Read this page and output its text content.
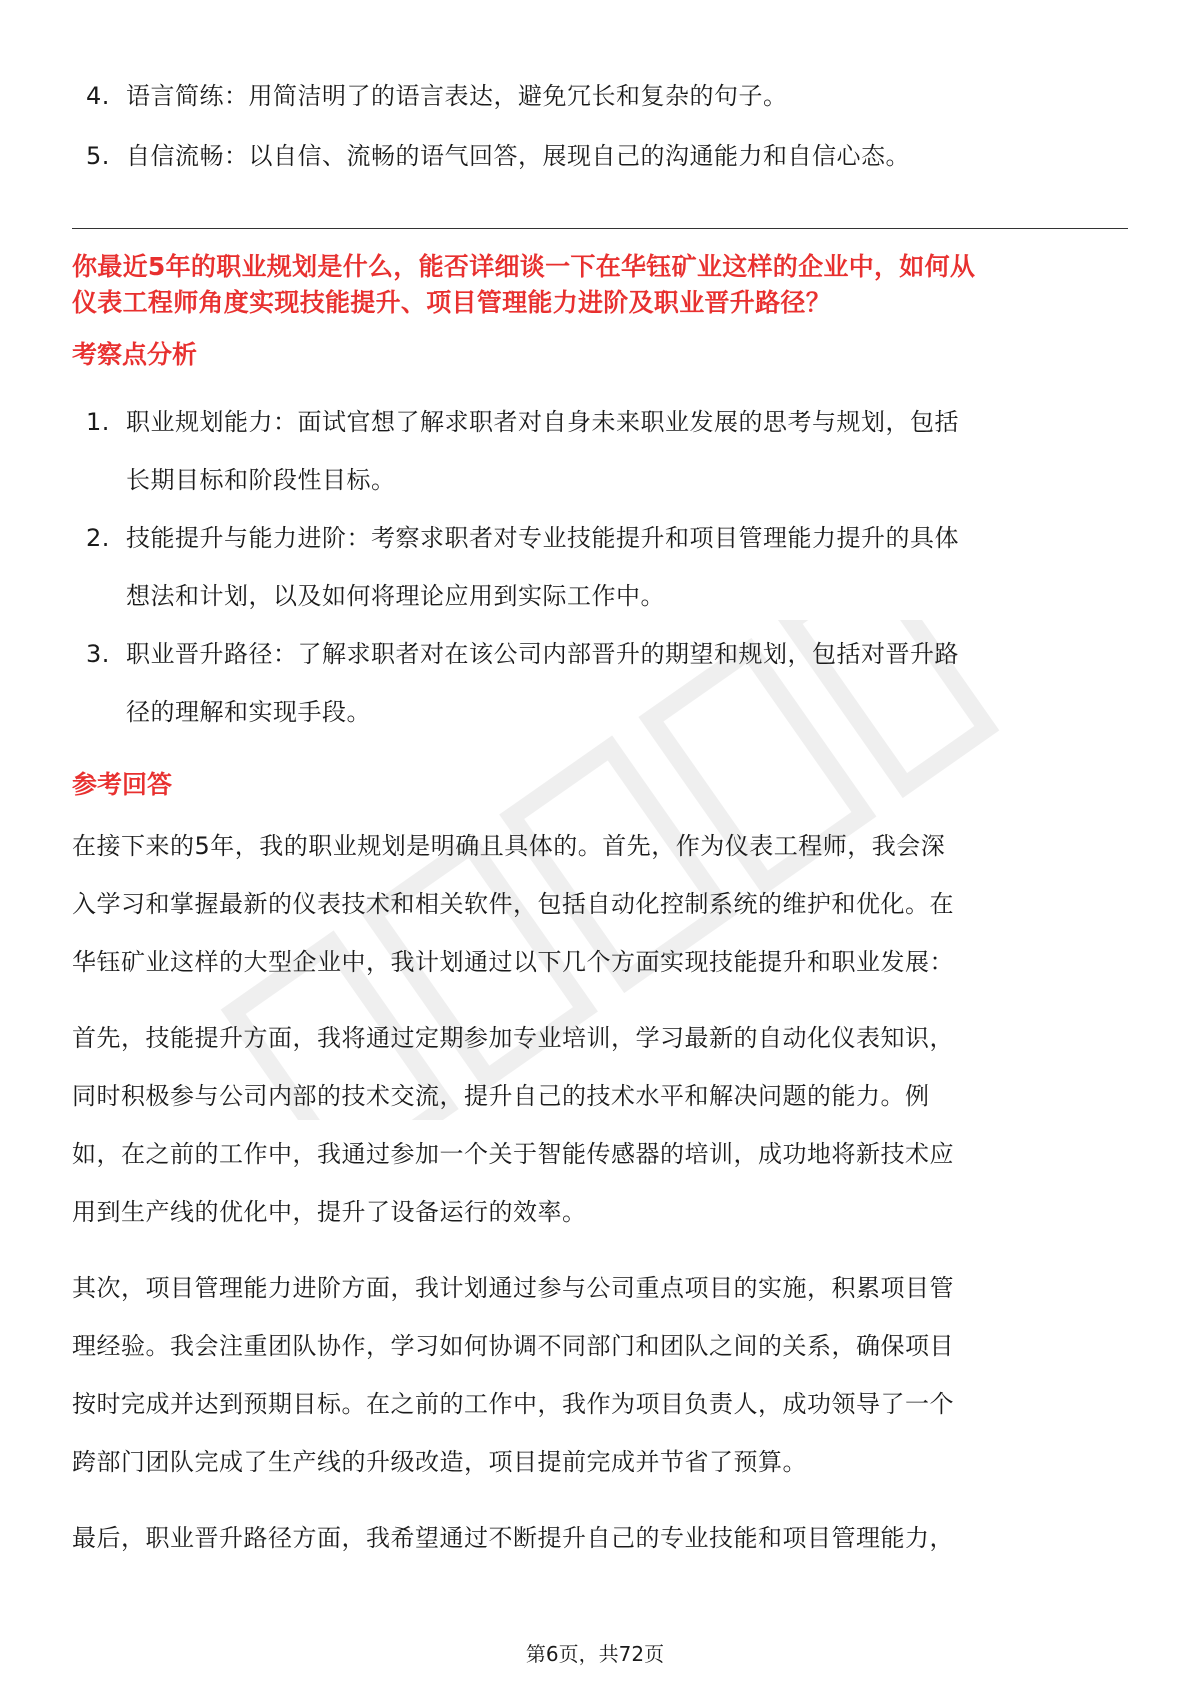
4. 语言简练：用简洁明了的语言表达，避免冗长和复杂的句子。
5. 自信流畅：以自信、流畅的语气回答，展现自己的沟通能力和自信心态。

你最近5年的职业规划是什么，能否详细谈一下在华钰矿业这样的企业中，如何从
仪表工程师角度实现技能提升、项目管理能力进阶及职业晋升路径？

考察点分析
1. 职业规划能力：面试官想了解求职者对自身未来职业发展的思考与规划，包括
长期目标和阶段性目标。
2. 技能提升与能力进阶：考察求职者对专业技能提升和项目管理能力提升的具体
想法和计划，以及如何将理论应用到实际工作中。
3. 职业晋升路径：了解求职者对在该公司内部晋升的期望和规划，包括对晋升路
径的理解和实现手段。
参考回答

在接下来的5年，我的职业规划是明确且具体的。首先，作为仪表工程师，我会深
入学习和掌握最新的仪表技术和相关软件，包括自动化控制系统的维护和优化。在
华钰矿业这样的大型企业中，我计划通过以下几个方面实现技能提升和职业发展：

首先，技能提升方面，我将通过定期参加专业培训，学习最新的自动化仪表知识，
同时积极参与公司内部的技术交流，提升自己的技术水平和解决问题的能力。例
如，在之前的工作中，我通过参加一个关于智能传感器的培训，成功地将新技术应
用到生产线的优化中，提升了设备运行的效率。

其次，项目管理能力进阶方面，我计划通过参与公司重点项目的实施，积累项目管
理经验。我会注重团队协作，学习如何协调不同部门和团队之间的关系，确保项目
按时完成并达到预期目标。在之前的工作中，我作为项目负责人，成功领导了一个
跨部门团队完成了生产线的升级改造，项目提前完成并节省了预算。

最后，职业晋升路径方面，我希望通过不断提升自己的专业技能和项目管理能力，

第6页，共72页
